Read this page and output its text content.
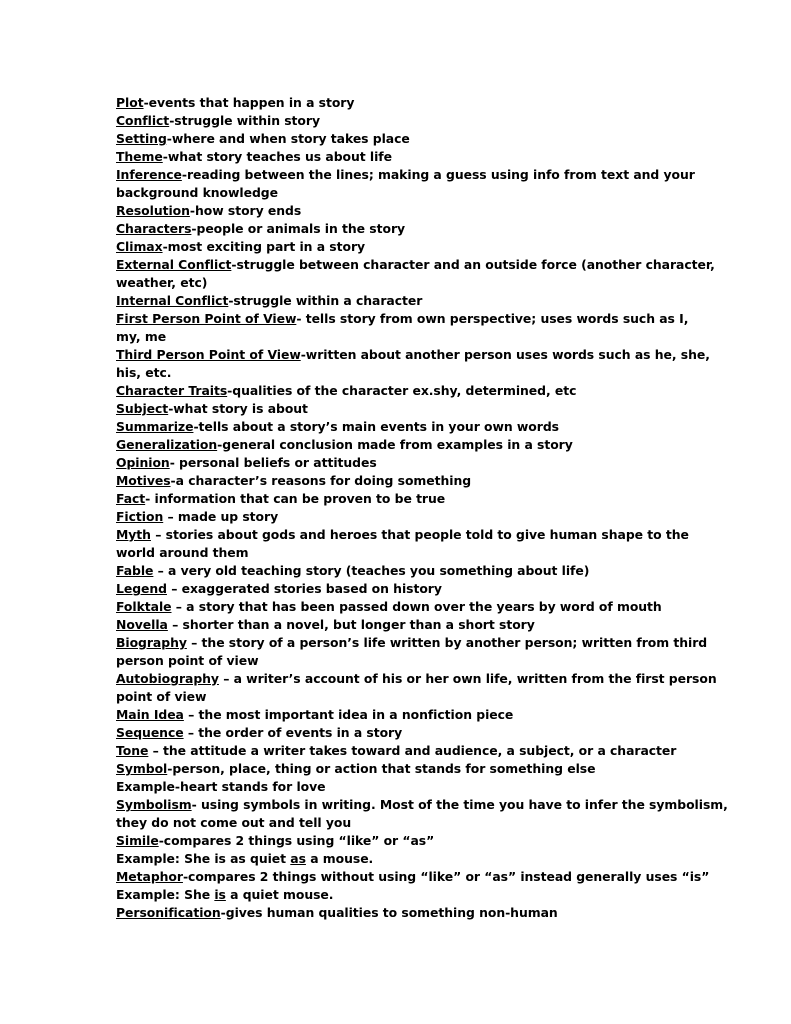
Plot-events that happen in a story
Conflict-struggle within story
Setting-where and when story takes place
Theme-what story teaches us about life
Inference-reading between the lines; making a guess using info from text and your
background knowledge
Resolution-how story ends
Characters-people or animals in the story
Climax-most exciting part in a story
External Conflict-struggle between character and an outside force (another character,
weather, etc)
Internal Conflict-struggle within a character
First Person Point of View- tells story from own perspective; uses words such as I,
my, me
Third Person Point of View-written about another person uses words such as he, she,
his, etc.
Character Traits-qualities of the character ex.shy, determined, etc
Subject-what story is about
Summarize-tells about a story’s main events in your own words
Generalization-general conclusion made from examples in a story
Opinion- personal beliefs or attitudes
Motives-a character’s reasons for doing something
Fact- information that can be proven to be true
Fiction – made up story
Myth – stories about gods and heroes that people told to give human shape to the
world around them
Fable – a very old teaching story (teaches you something about life)
Legend – exaggerated stories based on history
Folktale – a story that has been passed down over the years by word of mouth
Novella – shorter than a novel, but longer than a short story
Biography – the story of a person’s life written by another person; written from third
person point of view
Autobiography – a writer’s account of his or her own life, written from the first person
point of view
Main Idea – the most important idea in a nonfiction piece
Sequence – the order of events in a story
Tone – the attitude a writer takes toward and audience, a subject, or a character
Symbol-person, place, thing or action that stands for something else
Example-heart stands for love
Symbolism- using symbols in writing. Most of the time you have to infer the symbolism,
they do not come out and tell you
Simile-compares 2 things using “like” or “as”
Example: She is as quiet as a mouse.
Metaphor-compares 2 things without using “like” or “as” instead generally uses “is”
Example: She is a quiet mouse.
Personification-gives human qualities to something non-human
